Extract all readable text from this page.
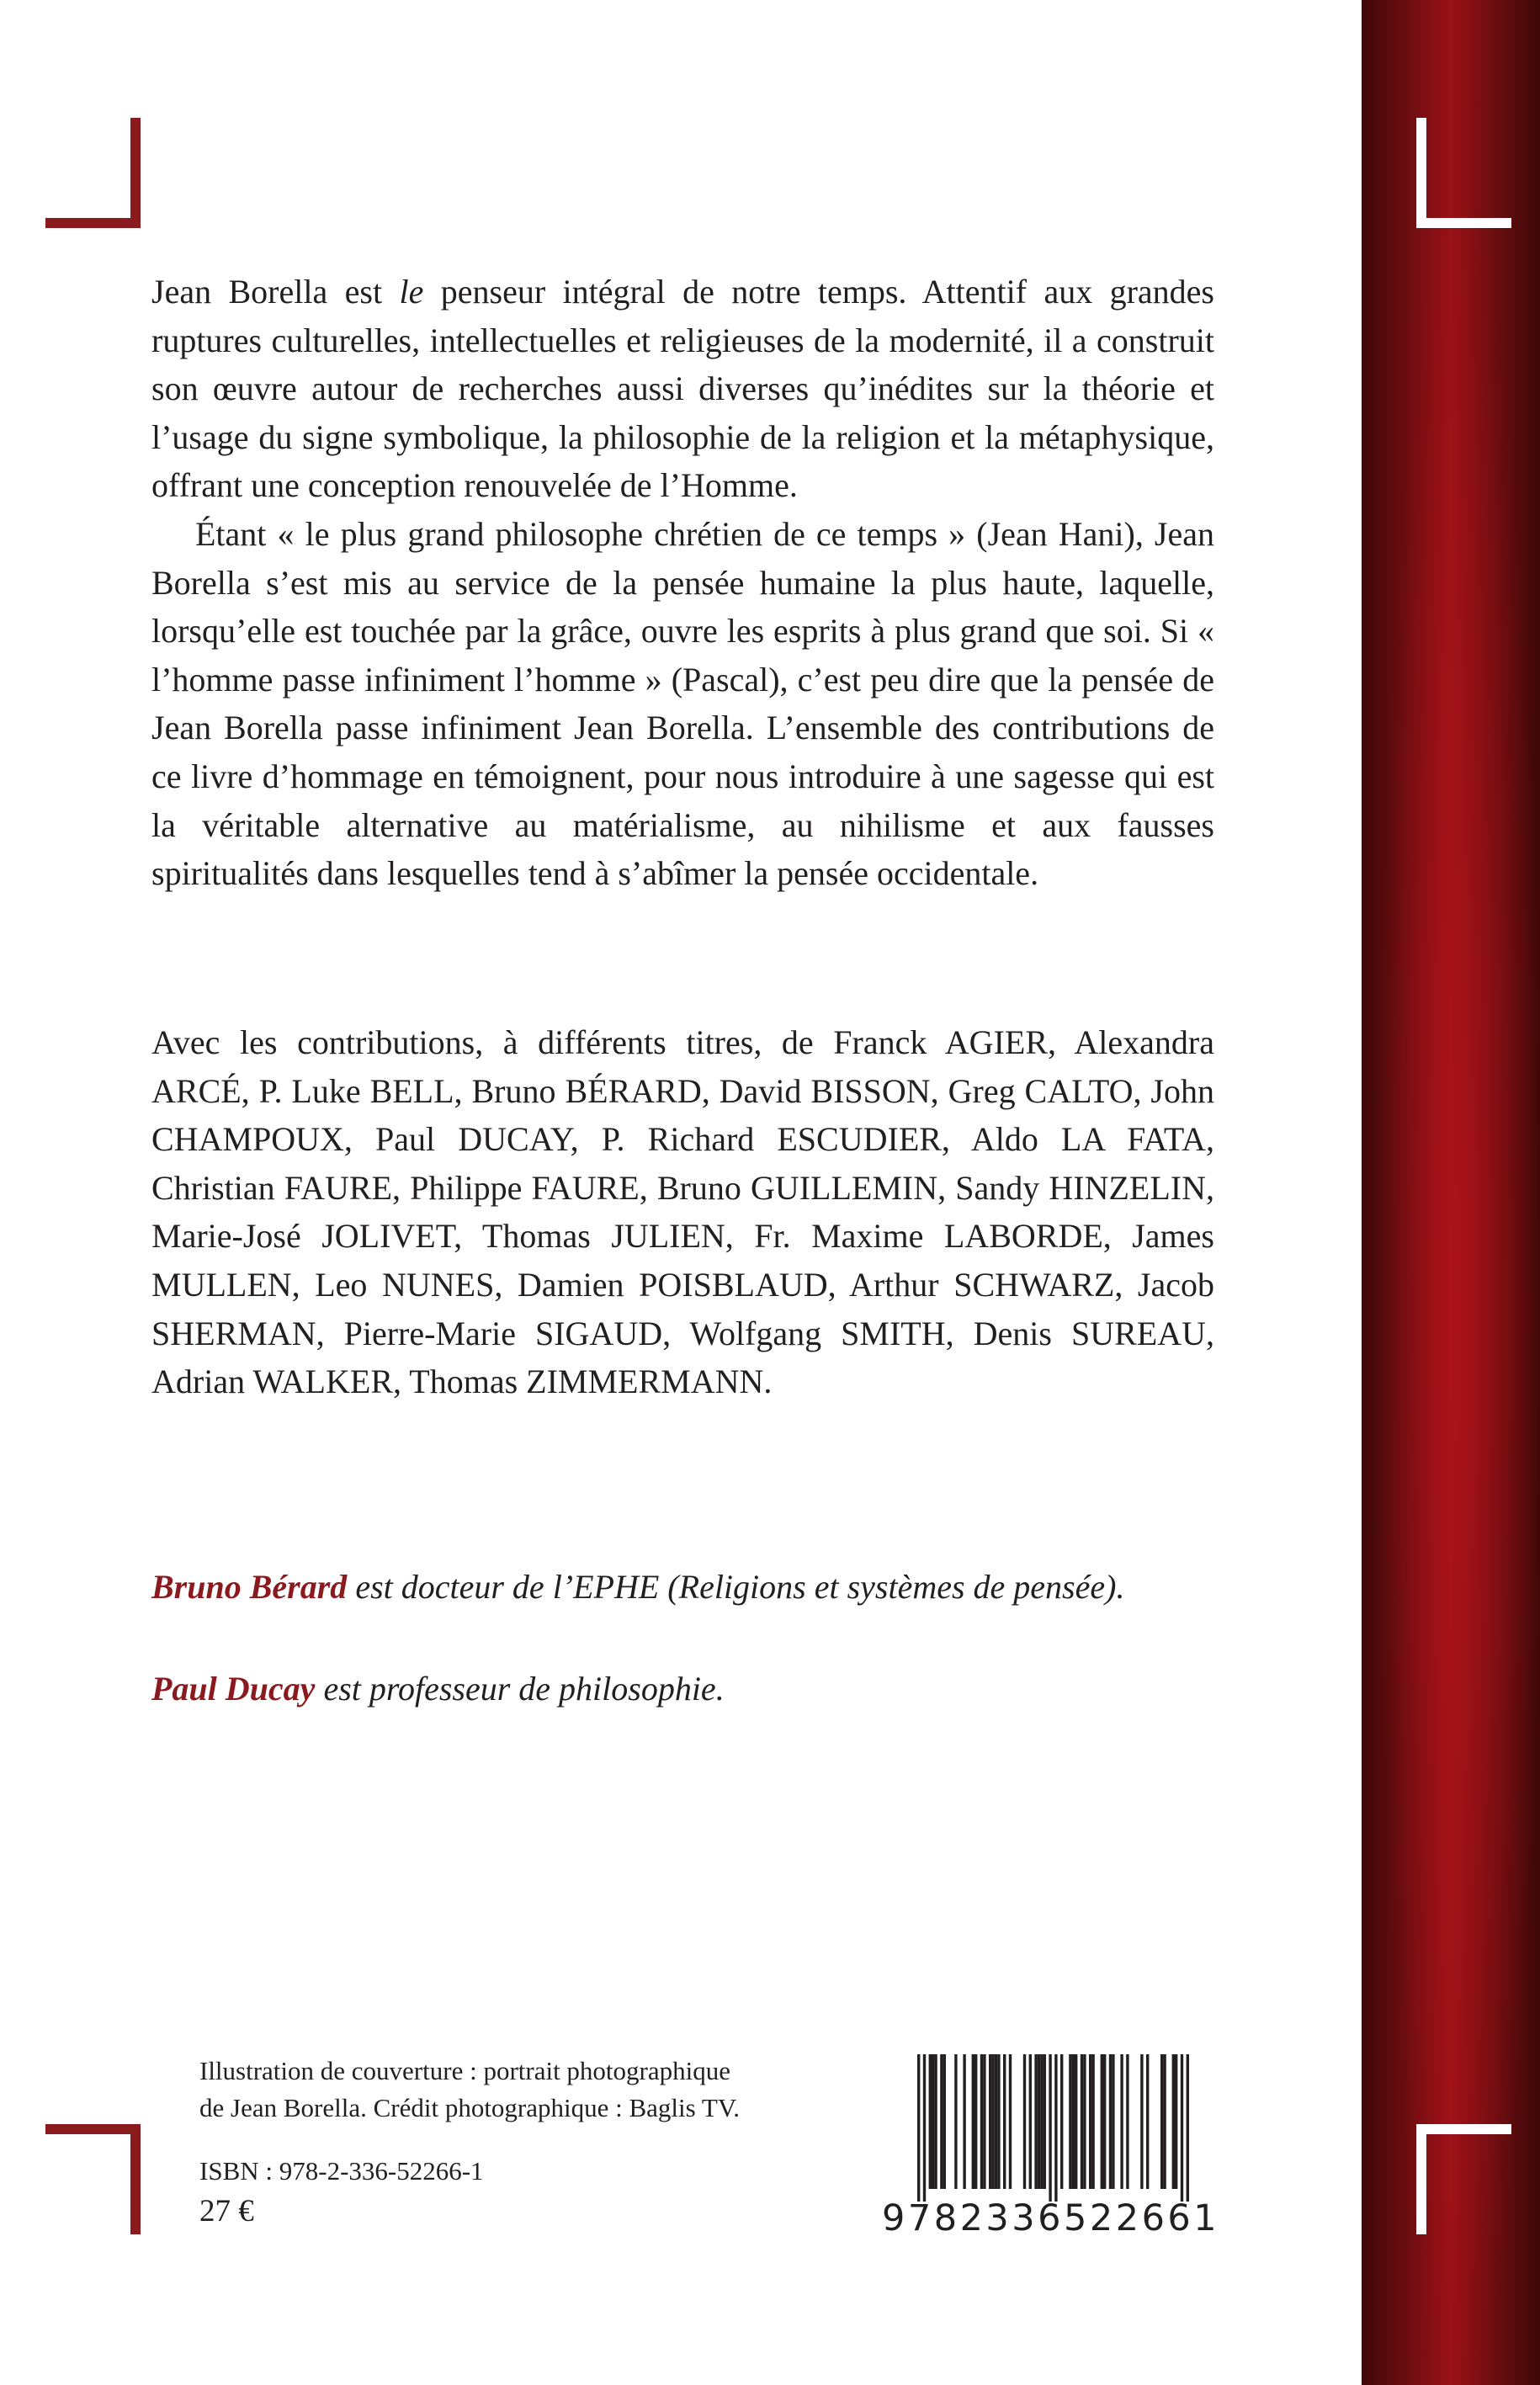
Jean Borella est le penseur intégral de notre temps. Attentif aux grandes ruptures culturelles, intellectuelles et religieuses de la modernité, il a construit son œuvre autour de recherches aussi diverses qu’inédites sur la théorie et l’usage du signe symbolique, la philosophie de la religion et la métaphysique, offrant une conception renouvelée de l’Homme.

Étant « le plus grand philosophe chrétien de ce temps » (Jean Hani), Jean Borella s’est mis au service de la pensée humaine la plus haute, laquelle, lorsqu’elle est touchée par la grâce, ouvre les esprits à plus grand que soi. Si « l’homme passe infiniment l’homme » (Pascal), c’est peu dire que la pensée de Jean Borella passe infiniment Jean Borella. L’ensemble des contributions de ce livre d’hommage en témoignent, pour nous introduire à une sagesse qui est la véritable alternative au matérialisme, au nihilisme et aux fausses spiritualités dans lesquelles tend à s’abîmer la pensée occidentale.

Avec les contributions, à différents titres, de Franck AGIER, Alexandra ARCÉ, P. Luke BELL, Bruno BÉRARD, David BISSON, Greg CALTO, John CHAMPOUX, Paul DUCAY, P. Richard ESCUDIER, Aldo LA FATA, Christian FAURE, Philippe FAURE, Bruno GUILLEMIN, Sandy HINZELIN, Marie-José JOLIVET, Thomas JULIEN, Fr. Maxime LABORDE, James MULLEN, Leo NUNES, Damien POISBLAUD, Arthur SCHWARZ, Jacob SHERMAN, Pierre-Marie SIGAUD, Wolfgang SMITH, Denis SUREAU, Adrian WALKER, Thomas ZIMMERMANN.

Bruno Bérard est docteur de l’EPHE (Religions et systèmes de pensée).

Paul Ducay est professeur de philosophie.

Illustration de couverture : portrait photographique
de Jean Borella. Crédit photographique : Baglis TV.

ISBN : 978-2-336-52266-1

27 €	9782336522661
